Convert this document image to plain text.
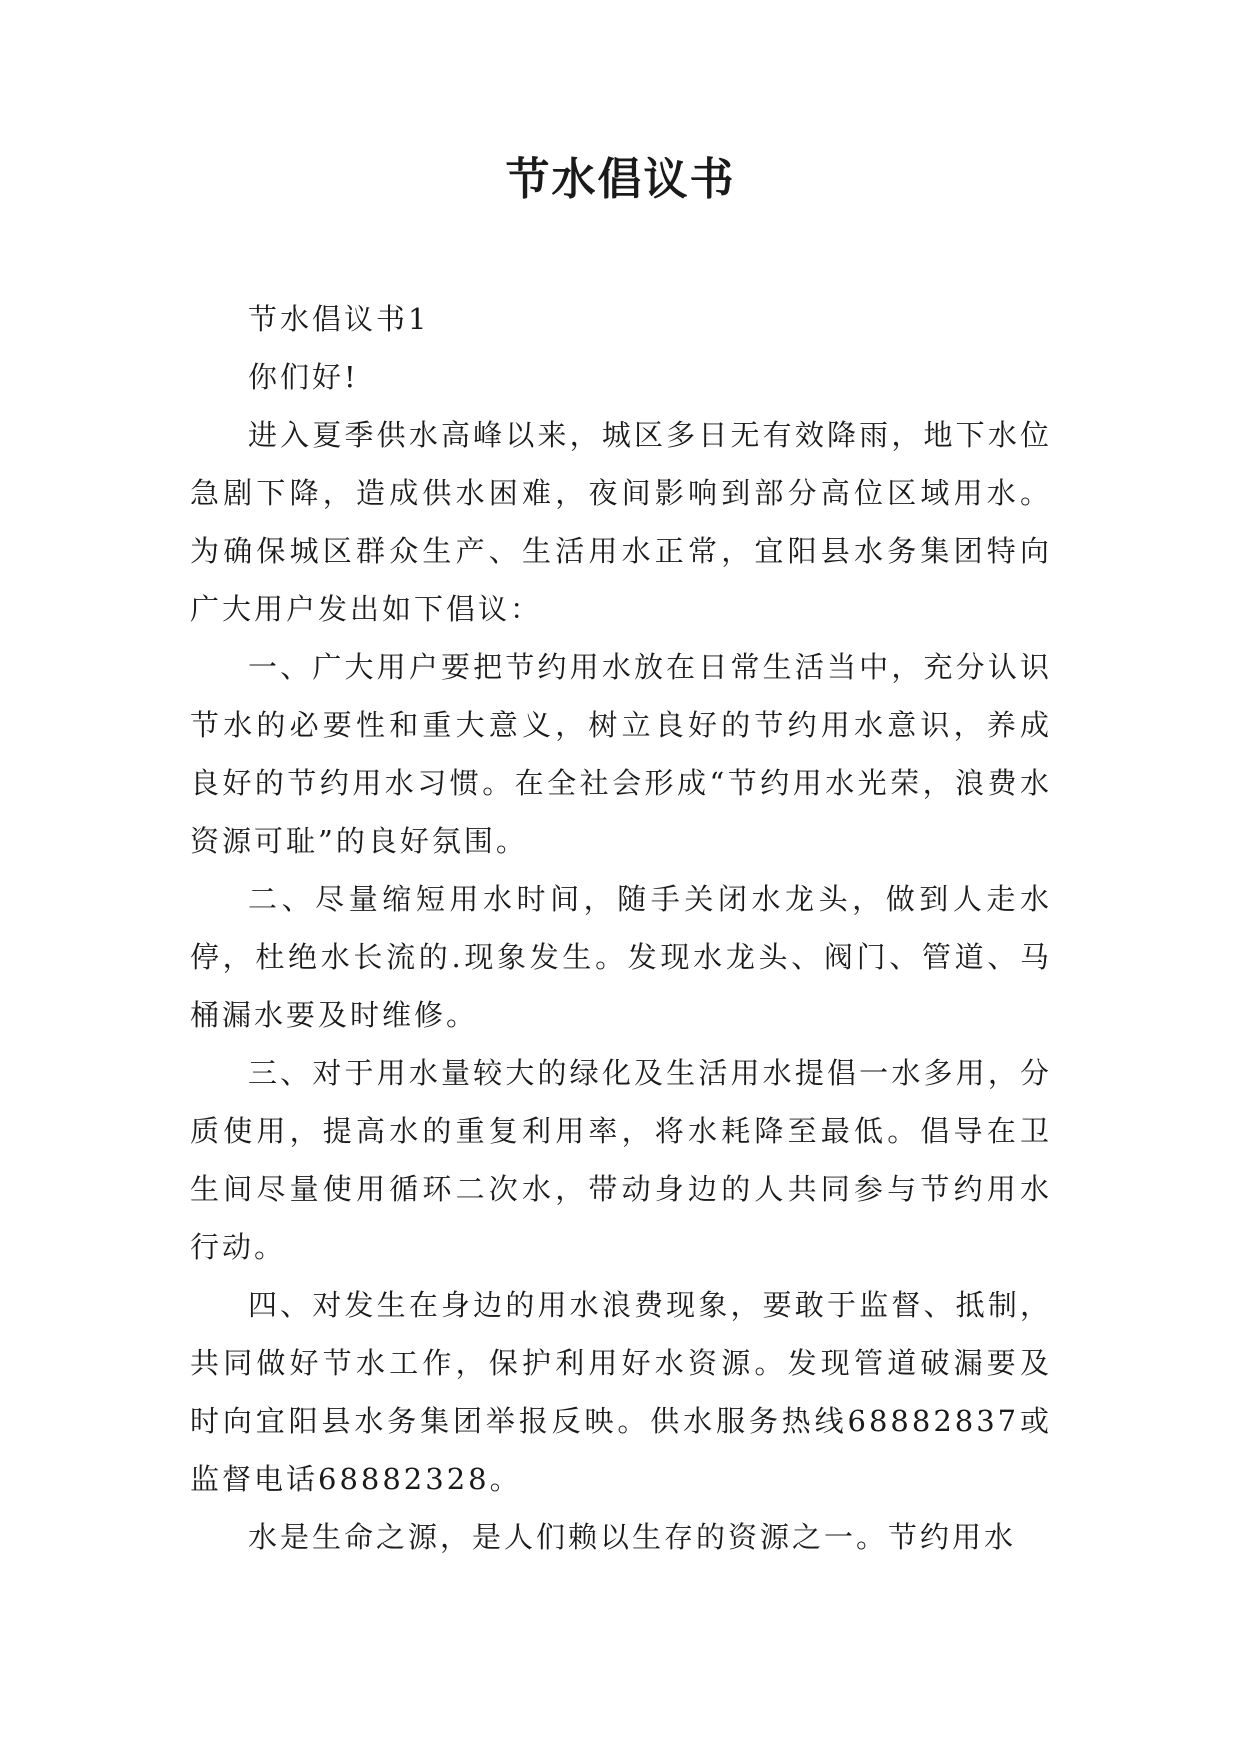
节水倡议书

节水倡议书1

你们好!

进入夏季供水高峰以来，城区多日无有效降雨，地下水位急剧下降，造成供水困难，夜间影响到部分高位区域用水。为确保城区群众生产、生活用水正常，宜阳县水务集团特向广大用户发出如下倡议：

一、广大用户要把节约用水放在日常生活当中，充分认识节水的必要性和重大意义，树立良好的节约用水意识，养成良好的节约用水习惯。在全社会形成“节约用水光荣，浪费水资源可耻”的良好氛围。

二、尽量缩短用水时间，随手关闭水龙头，做到人走水停，杜绝水长流的.现象发生。发现水龙头、阀门、管道、马桶漏水要及时维修。

三、对于用水量较大的绿化及生活用水提倡一水多用，分质使用，提高水的重复利用率，将水耗降至最低。倡导在卫生间尽量使用循环二次水，带动身边的人共同参与节约用水行动。

四、对发生在身边的用水浪费现象，要敢于监督、抵制，共同做好节水工作，保护利用好水资源。发现管道破漏要及时向宜阳县水务集团举报反映。供水服务热线68882837或监督电话68882328。

水是生命之源，是人们赖以生存的资源之一。节约用水
